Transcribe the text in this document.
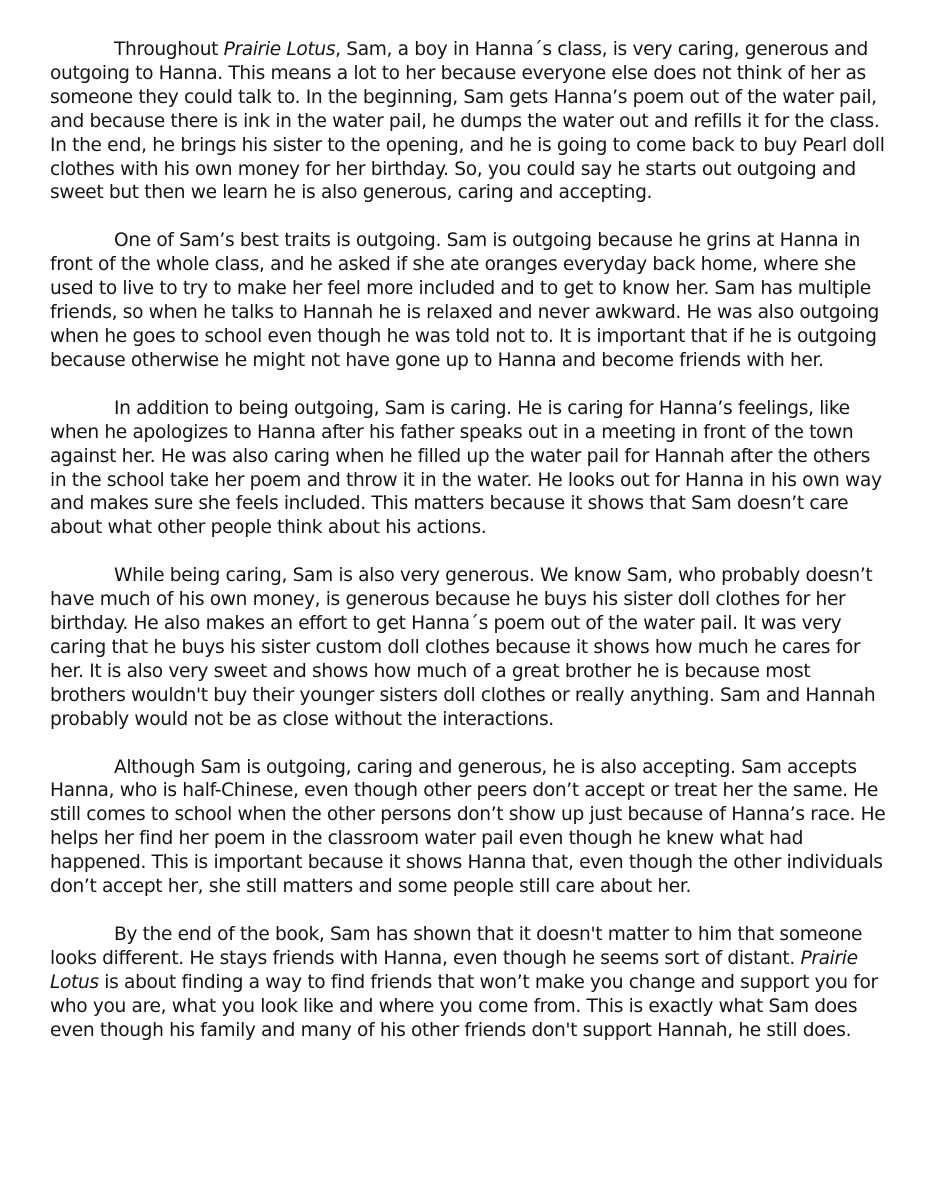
Throughout Prairie Lotus, Sam, a boy in Hanna´s class, is very caring, generous and outgoing to Hanna. This means a lot to her because everyone else does not think of her as someone they could talk to. In the beginning, Sam gets Hanna’s poem out of the water pail, and because there is ink in the water pail, he dumps the water out and refills it for the class. In the end, he brings his sister to the opening, and he is going to come back to buy Pearl doll clothes with his own money for her birthday. So, you could say he starts out outgoing and sweet but then we learn he is also generous, caring and accepting.

One of Sam’s best traits is outgoing. Sam is outgoing because he grins at Hanna in front of the whole class, and he asked if she ate oranges everyday back home, where she used to live to try to make her feel more included and to get to know her. Sam has multiple friends, so when he talks to Hannah he is relaxed and never awkward. He was also outgoing when he goes to school even though he was told not to. It is important that if he is outgoing because otherwise he might not have gone up to Hanna and become friends with her.

In addition to being outgoing, Sam is caring. He is caring for Hanna’s feelings, like when he apologizes to Hanna after his father speaks out in a meeting in front of the town against her. He was also caring when he filled up the water pail for Hannah after the others in the school take her poem and throw it in the water. He looks out for Hanna in his own way and makes sure she feels included. This matters because it shows that Sam doesn’t care about what other people think about his actions.

While being caring, Sam is also very generous. We know Sam, who probably doesn’t have much of his own money, is generous because he buys his sister doll clothes for her birthday. He also makes an effort to get Hanna´s poem out of the water pail. It was very caring that he buys his sister custom doll clothes because it shows how much he cares for her. It is also very sweet and shows how much of a great brother he is because most brothers wouldn't buy their younger sisters doll clothes or really anything. Sam and Hannah probably would not be as close without the interactions.

Although Sam is outgoing, caring and generous, he is also accepting. Sam accepts Hanna, who is half-Chinese, even though other peers don’t accept or treat her the same. He still comes to school when the other persons don’t show up just because of Hanna’s race. He helps her find her poem in the classroom water pail even though he knew what had happened. This is important because it shows Hanna that, even though the other individuals don’t accept her, she still matters and some people still care about her.

By the end of the book, Sam has shown that it doesn't matter to him that someone looks different. He stays friends with Hanna, even though he seems sort of distant. Prairie Lotus is about finding a way to find friends that won’t make you change and support you for who you are, what you look like and where you come from. This is exactly what Sam does even though his family and many of his other friends don't support Hannah, he still does.
